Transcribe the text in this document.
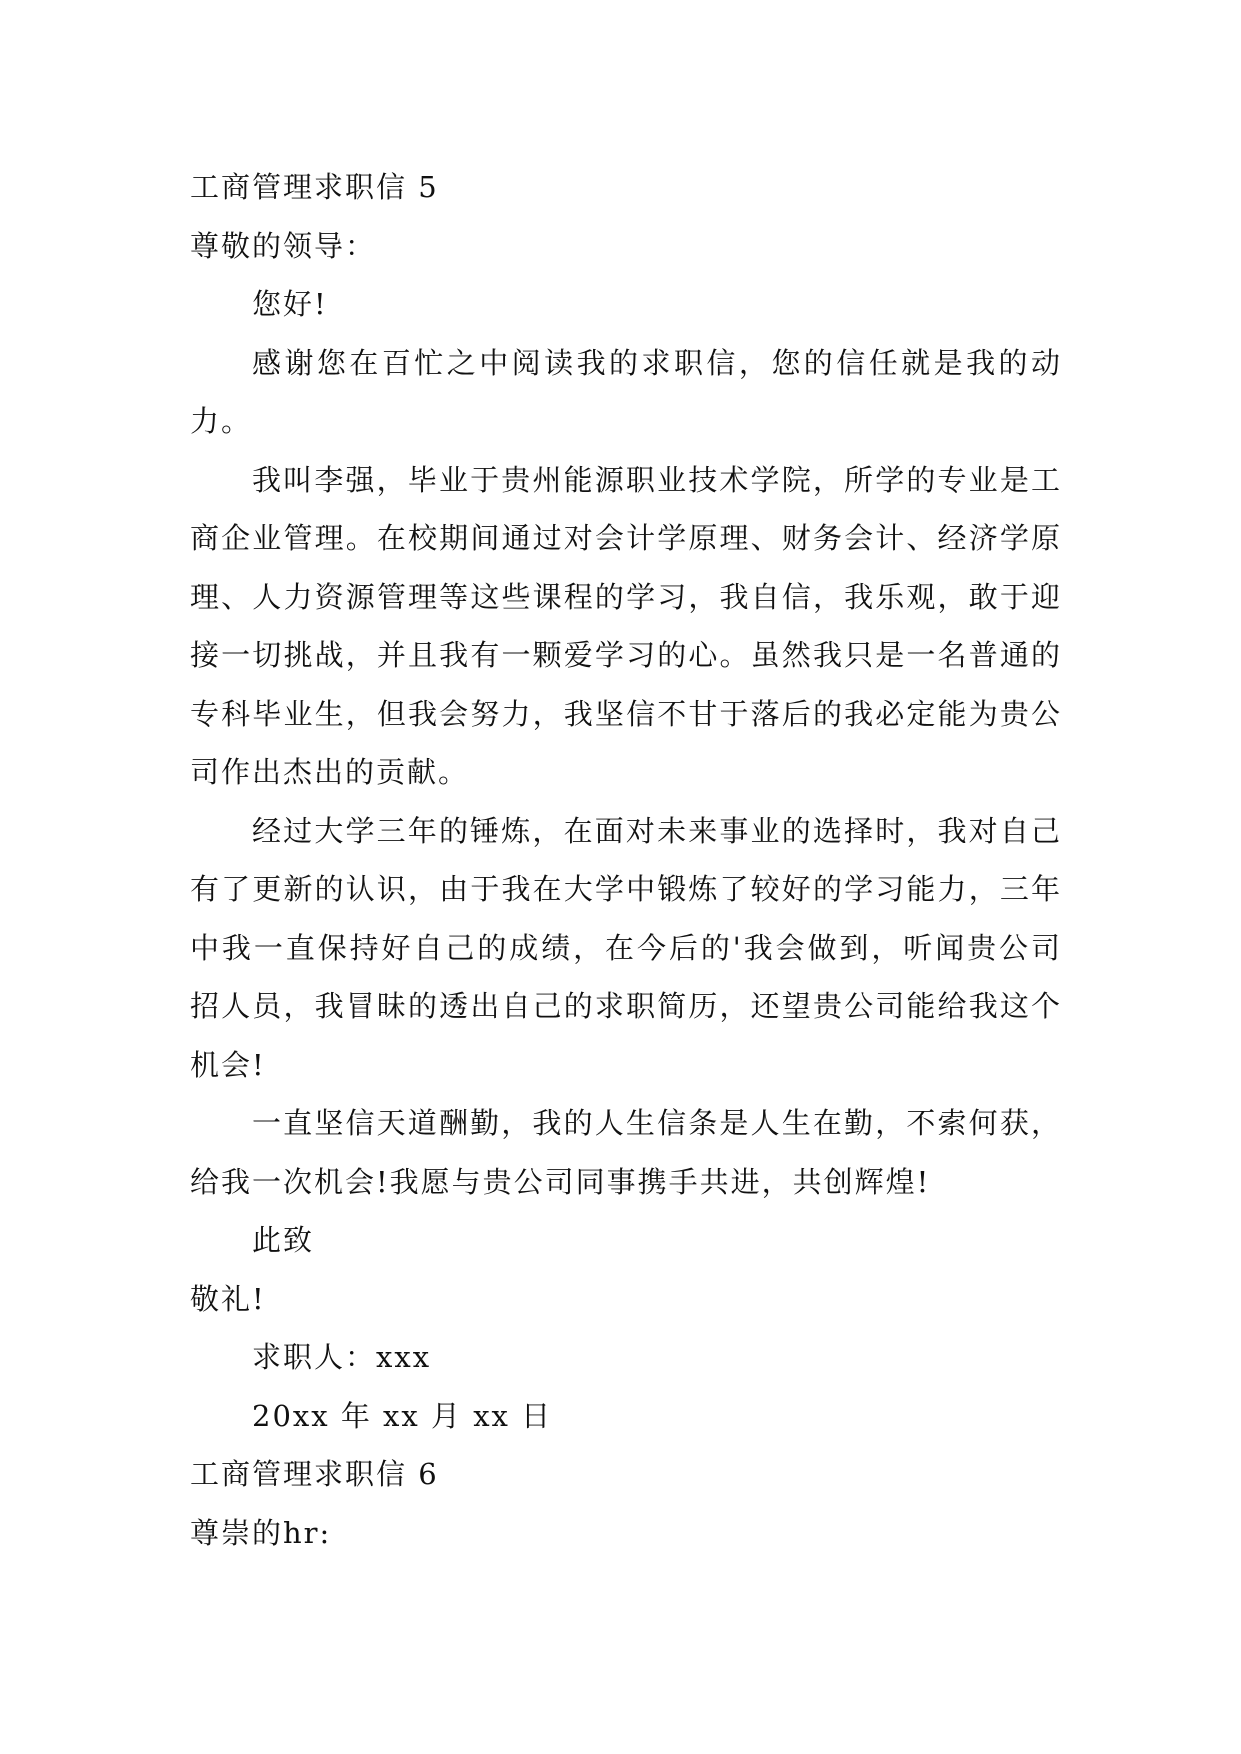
工商管理求职信 5

尊敬的领导：

您好!

感谢您在百忙之中阅读我的求职信，您的信任就是我的动力。

我叫李强，毕业于贵州能源职业技术学院，所学的专业是工商企业管理。在校期间通过对会计学原理、财务会计、经济学原理、人力资源管理等这些课程的学习，我自信，我乐观，敢于迎接一切挑战，并且我有一颗爱学习的心。虽然我只是一名普通的专科毕业生，但我会努力，我坚信不甘于落后的我必定能为贵公司作出杰出的贡献。

经过大学三年的锤炼，在面对未来事业的选择时，我对自己有了更新的认识，由于我在大学中锻炼了较好的学习能力，三年中我一直保持好自己的成绩，在今后的'我会做到，听闻贵公司招人员，我冒昧的透出自己的求职简历，还望贵公司能给我这个机会!

一直坚信天道酬勤，我的人生信条是人生在勤，不索何获，给我一次机会!我愿与贵公司同事携手共进，共创辉煌!

此致

敬礼!

求职人：xxx

20xx 年 xx 月 xx 日

工商管理求职信 6

尊崇的hr:
